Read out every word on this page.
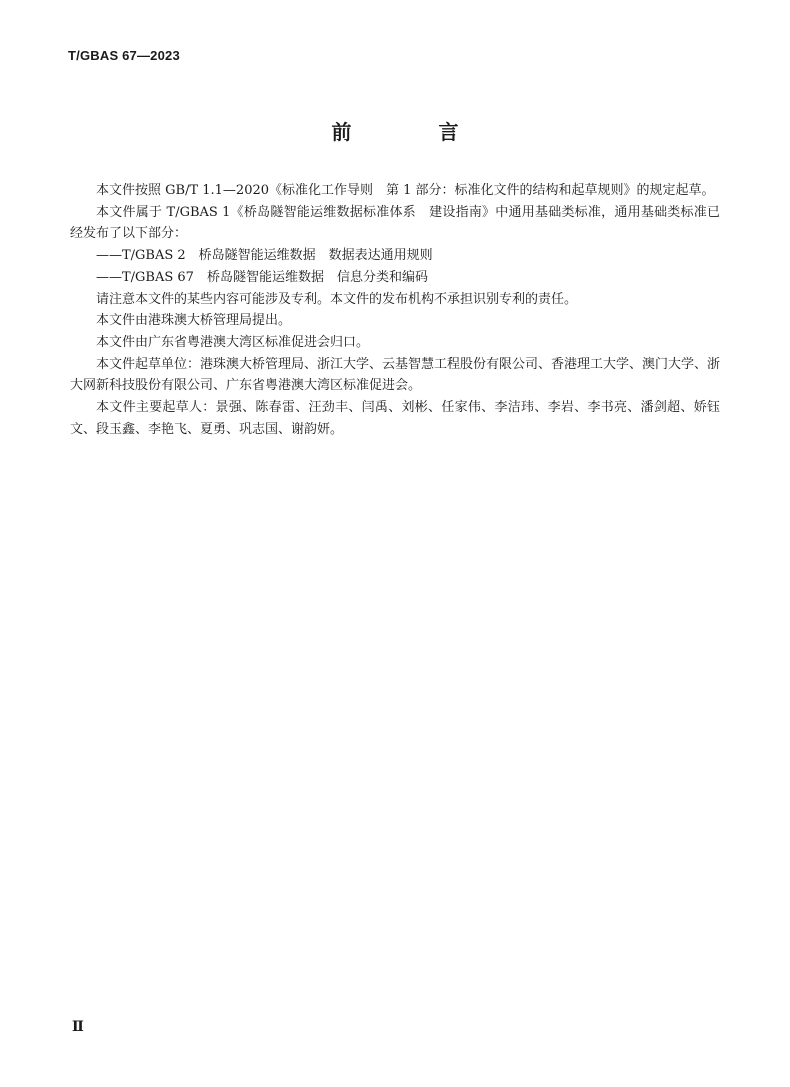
T/GBAS 67—2023
前 言

本文件按照 GB/T 1.1—2020《标准化工作导则　第 1 部分：标准化文件的结构和起草规则》的规定起草。

本文件属于 T/GBAS 1《桥岛隧智能运维数据标准体系　建设指南》中通用基础类标准，通用基础类标准已经发布了以下部分：

——T/GBAS 2　桥岛隧智能运维数据　数据表达通用规则

——T/GBAS 67　桥岛隧智能运维数据　信息分类和编码

请注意本文件的某些内容可能涉及专利。本文件的发布机构不承担识别专利的责任。

本文件由港珠澳大桥管理局提出。

本文件由广东省粤港澳大湾区标准促进会归口。

本文件起草单位：港珠澳大桥管理局、浙江大学、云基智慧工程股份有限公司、香港理工大学、澳门大学、浙大网新科技股份有限公司、广东省粤港澳大湾区标准促进会。

本文件主要起草人：景强、陈春雷、汪劲丰、闫禹、刘彬、任家伟、李洁玮、李岩、李书亮、潘剑超、娇钰文、段玉鑫、李艳飞、夏勇、巩志国、谢韵妍。

Ⅱ
